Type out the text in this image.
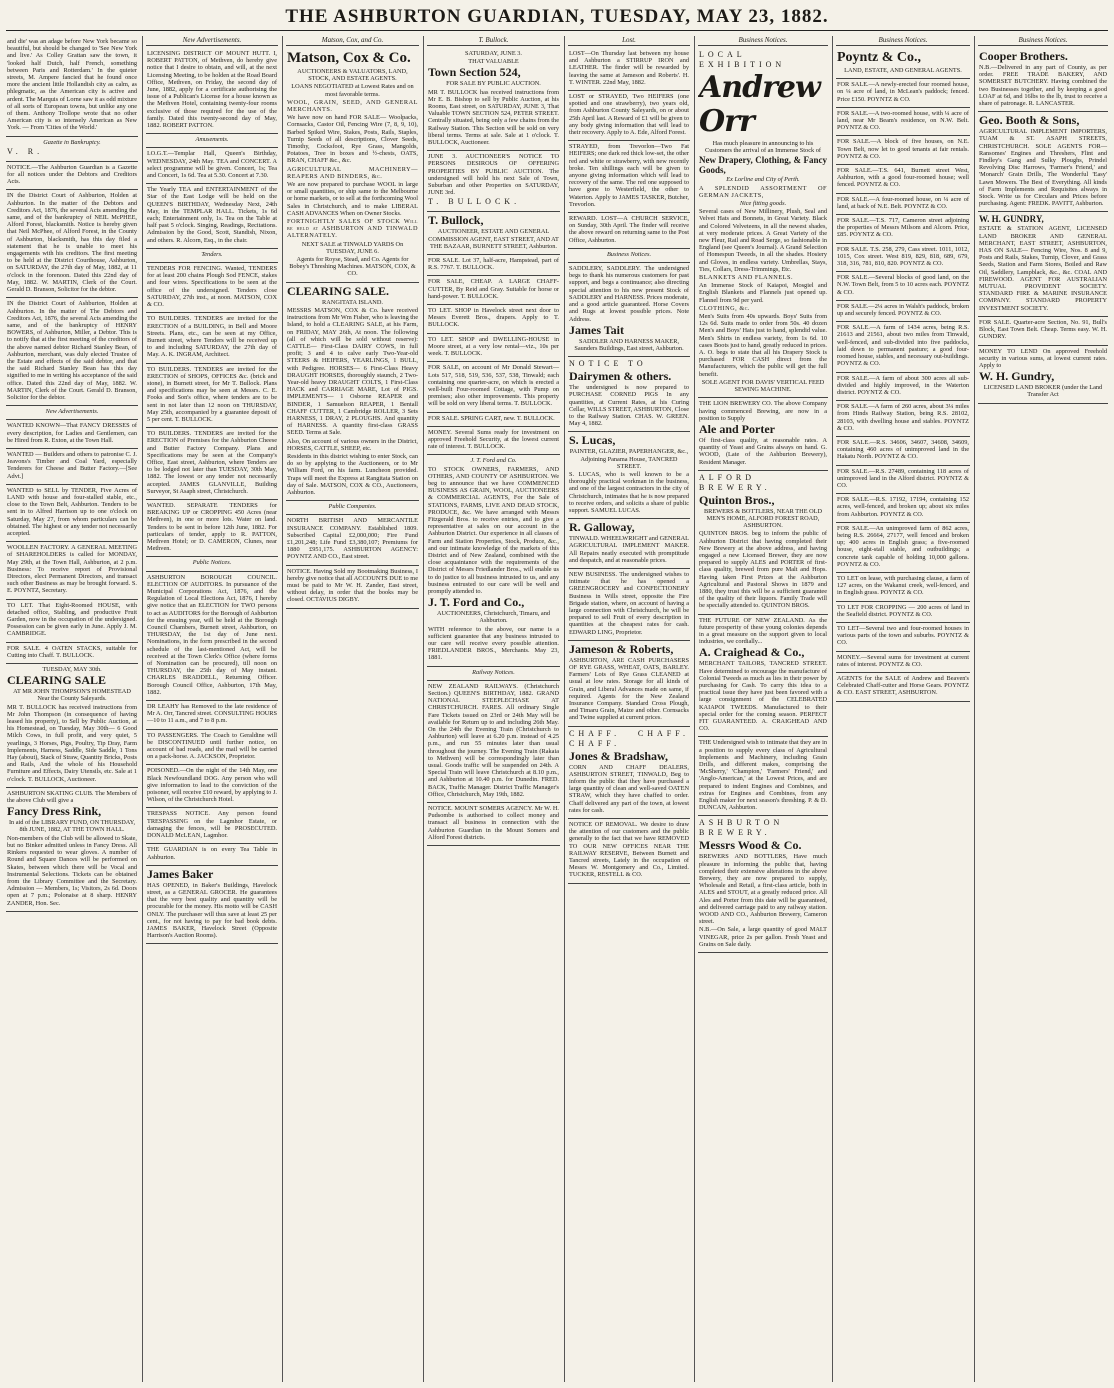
THE ASHBURTON GUARDIAN, TUESDAY, MAY 23, 1882.

and die' was an adage before New York became so beautiful, but should be changed to 'See New York and live.' As Colley Grattan saw the town, it 'looked half Dutch, half French, something between Paris and Rotterdam.' In the quieter streets, M. Ampere fancied that he found once more the ancient little Hollandish city as calm, as phlegmatic, as the American city is active and ardent. The Marquis of Lorne saw it as odd mixture of all sorts of European towns, but unlike any one of them. Anthony Trollope wrote that no other American city is so intensely American as New York. — From 'Cities of the World.'

Gazette in Bankruptcy.

V. R.

NOTICE.—The Ashburton Guardian is a Gazette for all notices under the Debtors and Creditors Acts.

IN the District Court of Ashburton, Holden at Ashburton. In the matter of the Debtors and Creditors Act, 1876, the several Acts amending the same, and of the bankruptcy of NEIL McPHEE, Alford Forest, blacksmith. Notice is hereby given that Neil McPhee, of Alford Forest, in the County of Ashburton, blacksmith, has this day filed a statement that he is unable to meet his engagements with his creditors. The first meeting to be held at the District Courthouse, Ashburton, on SATURDAY, the 27th day of May, 1882, at 11 o'clock in the forenoon. Dated this 22nd day of May, 1882. W. MARTIN, Clerk of the Court. Gerald D. Branson, Solicitor for the debtor.

IN the District Court of Ashburton, Holden at Ashburton. In the matter of The Debtors and Creditors Act, 1876, the several Acts amending the same, and of the bankruptcy of HENRY BOWERS, of Ashburton, Miller, a Debtor. This is to notify that at the first meeting of the creditors of the above named debtor Richard Stanley Bean, of Ashburton, merchant, was duly elected Trustee of the Estate and effects of the said debtor, and that the said Richard Stanley Bean has this day signified to me in writing his acceptance of the said office. Dated this 22nd day of May, 1882. W. MARTIN, Clerk of the Court. Gerald D. Branson, Solicitor for the debtor.

New Advertisements.

WANTED KNOWN—That FANCY DRESSES of every description, for Ladies and Gentlemen, can be Hired from R. Exton, at the Town Hall.

WANTED — Builders and others to patronise C. J. Jeavons's Timber and Coal Yard, especially Tenderers for Cheese and Butter Factory.—[See Advt.]

WANTED to SELL by TENDER, Five Acres of LAND with house and four-stalled stable, etc., close to the Town Belt, Ashburton. Tenders to be sent in to Alfred Harrison up to one o'clock on Saturday, May 27, from whom particulars can be obtained. The highest or any tender not necessarily accepted.

WOOLLEN FACTORY. A GENERAL MEETING of SHAREHOLDERS is called for MONDAY, May 29th, at the Town Hall, Ashburton, at 2 p.m. Business: To receive report of Provisional Directors, elect Permanent Directors, and transact such other Business as may be brought forward. S. E. POYNTZ, Secretary.

TO LET. That Eight-Roomed HOUSE, with detached office, Stabling, and productive Fruit Garden, now in the occupation of the undersigned. Possession can be given early in June. Apply J. M. CAMBRIDGE.

FOR SALE. 4 OATEN STACKS, suitable for Cutting into Chaff. T. BULLOCK.

TUESDAY, MAY 30th.

CLEARING SALE

AT MR JOHN THOMPSON'S HOMESTEAD Near the County Saleyards.

MR T. BULLOCK has received instructions from Mr John Thompson (in consequence of having leased his property), to Sell by Public Auction, at his Homestead, on Tuesday, May 30th— 6 Good Milch Cows, in full profit, and very quiet, 5 yearlings, 3 Horses, Pigs, Poultry, Tip Dray, Farm Implements, Harness, Saddle, Side Saddle, 1 Tons Hay (about), Stack of Straw, Quantity Bricks, Posts and Rails, And the whole of his Household Furniture and Effects, Dairy Utensils, etc. Sale at 1 o'clock. T. BULLOCK, Auctioneer.

ASHBURTON SKATING CLUB. The Members of the above Club will give a

Fancy Dress Rink,

In aid of the LIBRARY FUND, ON THURSDAY, 8th JUNE, 1882, AT THE TOWN HALL.

Non-members of the Club will be allowed to Skate, but no Binker admitted unless in Fancy Dress. All Rinkers requested to wear gloves. A number of Round and Square Dances will be performed on Skates, between which there will be Vocal and Instrumental Selections. Tickets can be obtained from the Library Committee and the Secretary. Admission — Members, 1s; Visitors, 2s 6d. Doors open at 7 p.m.; Polonaise at 8 sharp. HENRY ZANDER, Hon. Sec.

New Advertisements.

LICENSING DISTRICT OF MOUNT HUTT. I, ROBERT PATTON, of Methven, do hereby give notice that I desire to obtain, and will, at the next Licensing Meeting, to be holden at the Road Board Office, Methven, on Friday, the second day of June, 1882, apply for a certificate authorising the issue of a Publican's License for a house known as the Methven Hotel, containing twenty-four rooms exclusive of those required for the use of the family. Dated this twenty-second day of May, 1882. ROBERT PATTON.

Amusements.

I.O.G.T.—Templar Hall, Queen's Birthday, WEDNESDAY, 24th May. TEA and CONCERT. A select programme will be given. Concert, 1s; Tea and Concert, 1s 6d. Tea at 5.30. Concert at 7.30.

The Yearly TEA and ENTERTAINMENT of the Star of the East Lodge will be held on the QUEEN'S BIRTHDAY, Wednesday Next, 24th May, in the TEMPLAR HALL. Tickets, 1s 6d each; Entertainment only, 1s. Tea on the Table at half past 5 o'clock. Singing, Readings, Recitations. Admission by the Good, Scott, Standish, Nixon, and others. R. Alcorn, Esq., in the chair.

Tenders.

TENDERS FOR FENCING. Wanted, TENDERS for at least 200 chains Plough Sod FENCE, stakes and four wires. Specifications to be seen at the office of the undersigned. Tenders close SATURDAY, 27th inst., at noon. MATSON, COX & CO.

TO BUILDERS. TENDERS are invited for the ERECTION of a BUILDING, in Bell and Moore Streets. Plans, etc., can be seen at my Office, Burnett street, where Tenders will be received up to and including SATURDAY, the 27th day of May. A. K. INGRAM, Architect.

TO BUILDERS. TENDERS are invited for the ERECTION of SHOPS, OFFICES &c. (brick and stone), in Burnett street, for Mr T. Bullock. Plans and specifications may be seen at Messrs. C. E. Fooks and Son's office, where tenders are to be sent in not later than 12 noon on THURSDAY, May 25th, accompanied by a guarantee deposit of 5 per cent. T. BULLOCK.

TO BUILDERS. TENDERS are invited for the ERECTION of Premises for the Ashburton Cheese and Butter Factory Company. Plans and Specifications may be seen at the Company's Office, East street, Ashburton, where Tenders are to be lodged not later than TUESDAY, 30th May, 1882. The lowest or any tender not necessarily accepted. JAMES GLANVILLE, Building Surveyor, St Asaph street, Christchurch.

WANTED. SEPARATE TENDERS for BREAKING UP or CROPPING 450 Acres (near Methven), in one or more lots. Water on land. Tenders to be sent in before 12th June, 1882. For particulars of tender, apply to R. PATTON, Methven Hotel; or D. CAMERON, Clunes, near Methven.

Public Notices.

ASHBURTON BOROUGH COUNCIL. ELECTION OF AUDITORS. In pursuance of the Municipal Corporations Act, 1876, and the Regulation of Local Elections Act, 1876, I hereby give notice that an ELECTION for TWO persons to act as AUDITORS for the Borough of Ashburton for the ensuing year, will be held at the Borough Council Chambers, Burnett street, Ashburton, on THURSDAY, the 1st day of June next. Nominations, in the form prescribed in the second schedule of the last-mentioned Act, will be received at the Town Clerk's Office (where forms of Nomination can be procured), till noon on THURSDAY, the 25th day of May instant. CHARLES BRADDELL, Returning Officer. Borough Council Office, Ashburton, 17th May, 1882.

DR LEAHY has Removed to the late residence of Mr A. Orr, Tancred street. CONSULTING HOURS—10 to 11 a.m., and 7 to 8 p.m.

TO PASSENGERS. The Coach to Geraldine will be DISCONTINUED until further notice, on account of bad roads, and the mail will be carried on a pack-horse. A. JACKSON, Proprietor.

POISONED.—On the night of the 14th May, one Black Newfoundland DOG. Any person who will give information to lead to the conviction of the poisoner, will receive £10 reward, by applying to J. Wilson, of the Christchurch Hotel.

TRESPASS NOTICE. Any person found TRESPASSING on the Lagmhor Estate, or damaging the fences, will be PROSECUTED. DONALD McLEAN, Lagmhor.

THE GUARDIAN is on every Tea Table in Ashburton.

James Baker

HAS OPENED, in Baker's Buildings, Havelock street, as a GENERAL GROCER. He guarantees that the very best quality and quantity will be procurable for the money. His motto will be CASH ONLY. The purchaser will thus save at least 25 per cent., for not having to pay for bad book debts. JAMES BAKER, Havelock Street (Opposite Harrison's Auction Rooms).

Matson, Cox, and Co.

Matson, Cox & Co.

AUCTIONEERS & VALUATORS, LAND, STOCK, AND ESTATE AGENTS.

LOANS NEGOTIATED at Lowest Rates and on most favorable terms.

WOOL, GRAIN, SEED, AND GENERAL MERCHANTS.

We have now on hand FOR SALE— Woolpacks, Cornsacks, Castor Oil, Fencing Wire (7, 8, 9, 10), Barbed Spiked Wire, Stakes, Posts, Rails, Staples, Turnip Seeds of all descriptions, Clover Seeds, Timothy, Cocksfoot, Rye Grass, Mangolds, Potatoes, Tree in boxes and ½-chests, OATS, BRAN, CHAFF &c., &c.

AGRICULTURAL MACHINERY— REAPERS AND BINDERS, &c.

We are now prepared to purchase WOOL in large or small quantities, or ship same to the Melbourne or home markets, or to sell at the forthcoming Wool Sales in Christchurch, and to make LIBERAL CASH ADVANCES When on Owner Stocks.

FORTNIGHTLY SALES OF STOCK Will be held at ASHBURTON AND TINWALD ALTERNATELY.

NEXT SALE at TINWALD YARDS On TUESDAY, JUNE 6.

Agents for Royse, Stead, and Co. Agents for Bobey's Threshing Machines. MATSON, COX, & CO.

CLEARING SALE.

RANGITATA ISLAND.

MESSRS MATSON, COX & Co. have received instructions from Mr Wm Fisher, who is leaving the Island, to hold a CLEARING SALE, at his Farm, on FRIDAY, MAY 26th, At noon. The following (all of which will be sold without reserve): CATTLE— First-Class DAIRY COWS, in full profit; 3 and 4 to calve early Two-Year-old STEERS & HEIFERS, YEARLINGS, 1 BULL, with Pedigree. HORSES— 6 First-Class Heavy DRAUGHT HORSES, thoroughly staunch, 2 Two-Year-old heavy DRAUGHT COLTS, 1 First-Class HACK and CARRIAGE MARE, Lot of PIGS. IMPLEMENTS— 1 Osborne REAPER and BINDER, 1 Samuelson REAPER, 1 Bentall CHAFF CUTTER, 1 Cambridge ROLLER, 3 Sets HARNESS, 1 DRAY, 2 PLOUGHS. And quantity of HARNESS. A quantity first-class GRASS SEED. Terms at Sale.

Also, On account of various owners in the District, HORSES, CATTLE, SHEEP, etc.

Residents in this district wishing to enter Stock, can do so by applying to the Auctioneers, or to Mr William Ford, on his farm. Luncheon provided. Traps will meet the Express at Rangitata Station on day of Sale. MATSON, COX & CO., Auctioneers, Ashburton.

Public Companies.

NORTH BRITISH AND MERCANTILE INSURANCE COMPANY. Established 1809. Subscribed Capital £2,000,000; Fire Fund £1,201,248; Life Fund £3,380,107; Premiums for 1880 £951,175. ASHBURTON AGENCY: POYNTZ AND CO., East street.

NOTICE. Having Sold my Bootmaking Business, I hereby give notice that all ACCOUNTS DUE to me must be paid to Mr W. H. Zander, East street, without delay, in order that the books may be closed. OCTAVIUS DIGBY.

T. Bullock.

SATURDAY, JUNE 3.

THAT VALUABLE

Town Section 524,

FOR SALE BY PUBLIC AUCTION.

MR T. BULLOCK has received instructions from Mr E. B. Bishop to sell by Public Auction, at his Rooms, East street, on SATURDAY, JUNE 3, That Valuable TOWN SECTION 524, PETER STREET. Centrally situated, being only a few chains from the Railway Station. This Section will be sold on very liberal terms. Terms at sale. Sale at 1 o'clock. T. BULLOCK, Auctioneer.

JUNE 3. AUCTIONEER'S NOTICE TO PERSONS DESIROUS OF OFFERING PROPERTIES BY PUBLIC AUCTION. The undersigned will hold his next Sale of Town, Suburban and other Properties on SATURDAY, JUNE 3rd.

T. BULLOCK.

T. Bullock,

AUCTIONEER, ESTATE AND GENERAL COMMISSION AGENT, EAST STREET, AND AT THE BAZAAR, BURNETT STREET, Ashburton.

FOR SALE. Lot 37, half-acre, Hampstead, part of R.S. 7767. T. BULLOCK.

FOR SALE, CHEAP. A LARGE CHAFF-CUTTER, By Reid and Gray. Suitable for horse or hand-power. T. BULLOCK.

TO LET. SHOP in Havelock street next door to Messrs Everett Bros., drapers. Apply to T. BULLOCK.

TO LET. SHOP and DWELLING-HOUSE in Moore street, at a very low rental—viz., 10s per week. T. BULLOCK.

FOR SALE, on account of Mr Donald Stewart—Lots 517, 518, 519, 536, 537, 538, Tinwald; each containing one quarter-acre, on which is erected a well-built Four-roomed Cottage, with Pump on premises; also other improvements. This property will be sold on very liberal terms. T. BULLOCK.

FOR SALE. SPRING CART, new. T. BULLOCK.

MONEY. Several Sums ready for investment on approved Freehold Security, at the lowest current rate of interest. T. BULLOCK.

J. T. Ford and Co.

TO STOCK OWNERS, FARMERS, AND OTHERS, AND COUNTY OF ASHBURTON. We beg to announce that we have COMMENCED BUSINESS AS GRAIN, WOOL, AUCTIONEERS & COMMERCIAL AGENTS, For the Sale of STATIONS, FARMS, LIVE AND DEAD STOCK, PRODUCE, &c. We have arranged with Messrs Fitzgerald Bros. to receive entries, and to give a representative at sales on our account in the Ashburton District. Our experience in all classes of Farm and Station Properties, Stock, Produce, &c., and our intimate knowledge of the markets of this District and of New Zealand, combined with the close acquaintance with the requirements of the District of Messrs Friedlander Bros., will enable us to do justice to all business intrusted to us, and any business entrusted to our care will be well and promptly attended to.

J. T. Ford and Co.,

AUCTIONEERS, Christchurch, Timaru, and Ashburton.

WITH reference to the above, our name is a sufficient guarantee that any business intrusted to our care will receive every possible attention. FRIEDLANDER BROS., Merchants. May 23, 1881.

Railway Notices.

NEW ZEALAND RAILWAYS. (Christchurch Section.) QUEEN'S BIRTHDAY, 1882. GRAND NATIONAL STEEPLECHASE AT CHRISTCHURCH. FARES. All ordinary Single Fare Tickets issued on 23rd or 24th May will be available for Return up to and including 26th May. On the 24th the Evening Train (Christchurch to Ashburton) will leave at 6.20 p.m. instead of 4.25 p.m., and run 55 minutes later than usual throughout the journey. The Evening Train (Rakaia to Methven) will be correspondingly later than usual. Goods traffic will be suspended on 24th. A Special Train will leave Christchurch at 8.10 p.m., and Ashburton at 10.40 p.m. for Dunedin. FRED. BACK, Traffic Manager. District Traffic Manager's Office, Christchurch, May 19th, 1882.

NOTICE. MOUNT SOMERS AGENCY. Mr W. H. Pudsombe is authorised to collect money and transact all business in connection with the Ashburton Guardian in the Mount Somers and Alford Forest districts.

Lost.

LOST—On Thursday last between my house and Ashburton a STIRRUP IRON and LEATHER. The finder will be rewarded by leaving the same at Jameson and Roberts'. H. T. WINTER. 22nd May, 1882.

LOST or STRAYED, Two HEIFERS (one spotted and one strawberry), two years old, from Ashburton County Saleyards, on or about 25th April last. A Reward of £1 will be given to any body giving information that will lead to their recovery. Apply to A. Ede, Alford Forest.

STRAYED, from Trevorlon—Two Fat HEIFERS; one dark red thick low-set, the other red and white or strawberry, with new recently broke. Ten shillings each will be given to anyone giving information which will lead to recovery of the same. The red one supposed to have gone to Westerfield, the other to Waterton. Apply to JAMES TASKER, Butcher, Trevorlon.

REWARD. LOST—A CHURCH SERVICE, on Sunday, 30th April. The finder will receive the above reward on returning same to the Post Office, Ashburton.

Business Notices.

SADDLERY, SADDLERY. The undersigned begs to thank his numerous customers for past support, and begs a continuance; also directing special attention to his new present Stock of SADDLERY and HARNESS. Prices moderate, and a good article guaranteed. Horse Covers and Rugs at lowest possible prices. Note Address.

James Tait

SADDLER AND HARNESS MAKER, Saunders Buildings, East street, Ashburton.

NOTICE TO

Dairymen & others.

The undersigned is now prepared to PURCHASE CORNED PIGS In any quantities, at Current Rates, at his Curing Cellar, WILLS STREET, ASHBURTON, Close to the Railway Station. CHAS. W. GREEN. May 4, 1882.

S. Lucas,

PAINTER, GLAZIER, PAPERHANGER, &c., Adjoining Panama House, TANCRED STREET.

S. LUCAS, who is well known to be a thoroughly practical workman in the business, and one of the largest contractors in the city of Christchurch, intimates that he is now prepared to receive orders, and solicits a share of public support. SAMUEL LUCAS.

R. Galloway,

TINWALD. WHEELWRIGHT and GENERAL AGRICULTURAL IMPLEMENT MAKER. All Repairs neatly executed with promptitude and despatch, and at reasonable prices.

NEW BUSINESS. The undersigned wishes to intimate that he has opened a GREENGROCERY and CONFECTIONERY Business in Wills street, opposite the Fire Brigade station, where, on account of having a large connection with Christchurch, he will be prepared to sell Fruit of every description in quantities at the cheapest rates for cash. EDWARD LING, Proprietor.

Jameson & Roberts,

ASHBURTON, ARE CASH PURCHASERS OF RYE GRASS, WHEAT, OATS, BARLEY. Farmers' Lots of Rye Grass CLEANED at usual at low rates. Storage for all kinds of Grain, and Liberal Advances made on same, if required. Agents for the New Zealand Insurance Company. Standard Cross Plough, and Timaru Grain, Maize and other. Cornsacks and Twine supplied at current prices.

CHAFF. CHAFF. CHAFF.

Jones & Bradshaw,

CORN AND CHAFF DEALERS, ASHBURTON STREET, TINWALD, Beg to inform the public that they have purchased a large quantity of clean and well-saved OATEN STRAW, which they have chaffed to order. Chaff delivered any part of the town, at lowest rates for cash.

NOTICE OF REMOVAL. We desire to draw the attention of our customers and the public generally to the fact that we have REMOVED TO OUR NEW OFFICES NEAR THE RAILWAY RESERVE, Between Burnett and Tancred streets, Lately in the occupation of Messrs W. Montgomery and Co., Limited. TUCKER, RESTELL & CO.

Business Notices.

LOCAL EXHIBITION

Andrew Orr

Has much pleasure in announcing to his Customers the arrival of an Immense Stock of

New Drapery, Clothing, & Fancy Goods,

Ex Lorline and City of Perth.

A SPLENDID ASSORTMENT OF GERMAN JACKETS,

Nice fitting goods.

Several cases of New Millinery, Plush, Seal and Velvet Hats and Bonnets, in Great Variety. Black and Colored Velveteens, in all the newest shades, at very moderate prices. A Great Variety of the new Fleur, Rail and Road Serge, so fashionable in England (see Queen's Journal). A Grand Selection of Homespun Tweeds, in all the shades. Hosiery and Gloves, in endless variety. Umbrellas, Stays, Ties, Collars, Dress-Trimmings, Etc.

BLANKETS AND FLANNELS.

An Immense Stock of Kaiapoi, Mosgiel and English Blankets and Flannels just opened up. Flannel from 9d per yard.

CLOTHING, &c.

Men's Suits from 40s upwards. Boys' Suits from 12s 6d. Suits made to order from 50s. 40 dozen Men's and Boys' Hats just to hand, splendid value. Men's Shirts in endless variety, from 1s 6d. 10 cases Boots just to hand, greatly reduced in prices. A. O. begs to state that all his Drapery Stock is purchased FOR CASH direct from the Manufacturers, which the public will get the full benefit.

SOLE AGENT FOR DAVIS' VERTICAL FEED SEWING MACHINE.

THE LION BREWERY CO. The above Company having commenced Brewing, are now in a position to Supply

Ale and Porter

Of first-class quality, at reasonable rates. A quantity of Yeast and Grains always on hand. G. WOOD, (Late of the Ashburton Brewery), Resident Manager.

ALFORD BREWERY.

Quinton Bros.,

BREWERS & BOTTLERS, NEAR THE OLD MEN'S HOME, ALFORD FOREST ROAD, ASHBURTON.

QUINTON BROS. beg to inform the public of Ashburton District that having completed their New Brewery at the above address, and having engaged a new Licensed Brewer, they are now prepared to supply ALES and PORTER of first-class quality, brewed from pure Malt and Hops. Having taken First Prizes at the Ashburton Agricultural and Pastoral Shows in 1879 and 1880, they trust this will be a sufficient guarantee of the quality of their liquors. Family Trade will be specially attended to. QUINTON BROS.

THE FUTURE OF NEW ZEALAND. As the future prosperity of these young colonies depends in a great measure on the support given to local industries, we cordially...

A. Craighead & Co.,

MERCHANT TAILORS, TANCRED STREET. Have determined to encourage the manufacture of Colonial Tweeds as much as lies in their power by purchasing for Cash. To carry this idea to a practical issue they have just been favored with a large consignment of the CELEBRATED KAIAPOI TWEEDS. Manufactured to their special order for the coming season. PERFECT FIT GUARANTEED. A. CRAIGHEAD AND CO.

THE Undersigned wish to intimate that they are in a position to supply every class of Agricultural Implements and Machinery, including Grain Drills, and different makes, comprising the 'McSherry,' 'Champion,' 'Farmers' Friend,' and 'Anglo-American,' at the Lowest Prices, and are prepared to indent Engines and Combines, and extras for Engines and Combines, from any English maker for next season's threshing. P. & D. DUNCAN, Ashburton.

ASHBURTON BREWERY.

Messrs Wood & Co.

BREWERS AND BOTTLERS, Have much pleasure in informing the public that, having completed their extensive alterations in the above Brewery, they are now prepared to supply, Wholesale and Retail, a first-class article, both in ALES and STOUT, at a greatly reduced price. All Ales and Porter from this date will be guaranteed, and delivered carriage paid to any railway station. WOOD AND CO., Ashburton Brewery, Cameron street.

N.B.—On Sale, a large quantity of good MALT VINEGAR, price 2s per gallon. Fresh Yeast and Grains on Sale daily.

Business Notices.

Poyntz & Co.,

LAND, ESTATE, AND GENERAL AGENTS.

FOR SALE.—A newly-erected four roomed house, on ¼ acre of land, in McLean's paddock; fenced. Price £150. POYNTZ & CO.

FOR SALE.—A two-roomed house, with ¼ acre of land, near Mr Beam's residence, on N.W. Belt. POYNTZ & CO.

FOR SALE.—A block of five houses, on N.E. Town Belt, now let to good tenants at fair rentals. POYNTZ & CO.

FOR SALE.—T.S. 641, Burnett street West, Ashburton, with a good four-roomed house; well fenced. POYNTZ & CO.

FOR SALE.—A four-roomed house, on ¼ acre of land, at back of N.E. Belt. POYNTZ & CO.

FOR SALE.—T.S. 717, Cameron street adjoining the properties of Messrs Milsom and Alcorn. Price, £85. POYNTZ & CO.

FOR SALE. T.S. 258, 279, Cass street. 1011, 1012, 1015, Cox street. West 819, 829, 818, 689, 679, 318, 316, 781, 810, 820. POYNTZ & CO.

FOR SALE.—Several blocks of good land, on the N.W. Town Belt, from 5 to 10 acres each. POYNTZ & CO.

FOR SALE.—2¼ acres in Walsh's paddock, broken up and securely fenced. POYNTZ & CO.

FOR SALE.—A farm of 1434 acres, being R.S. 21613 and 21561, about two miles from Tinwald, well-fenced, and sub-divided into five paddocks, laid down to permanent pasture; a good four-roomed house, stables, and necessary out-buildings. POYNTZ & CO.

FOR SALE.—A farm of about 300 acres all sub-divided and highly improved, in the Waterton district. POYNTZ & CO.

FOR SALE.—A farm of 260 acres, about 3¼ miles from Hinds Railway Station, being R.S. 28102, 28103, with dwelling house and stables. POYNTZ & CO.

FOR SALE.—R.S. 34606, 34607, 34608, 34609, containing 460 acres of unimproved land in the Hakatu North. POYNTZ & CO.

FOR SALE.—R.S. 27489, containing 118 acres of unimproved land in the Alford district. POYNTZ & CO.

FOR SALE.—R.S. 17192, 17194, containing 152 acres, well-fenced, and broken up; about six miles from Ashburton. POYNTZ & CO.

FOR SALE.—An unimproved farm of 862 acres, being R.S. 26664, 27177, well fenced and broken up; 400 acres in English grass; a five-roomed house, eight-stall stable, and outbuildings; a concrete tank capable of holding 10,000 gallons. POYNTZ & CO.

TO LET on lease, with purchasing clause, a farm of 127 acres, on the Wakanui creek, well-fenced, and in English grass. POYNTZ & CO.

TO LET FOR CROPPING — 200 acres of land in the Seafield district. POYNTZ & CO.

TO LET—Several two and four-roomed houses in various parts of the town and suburbs. POYNTZ & CO.

MONEY.—Several sums for investment at current rates of interest. POYNTZ & CO.

AGENTS for the SALE of Andrew and Beaven's Celebrated Chaff-cutter and Horse Gears. POYNTZ & CO. EAST STREET, ASHBURTON.

Business Notices.

Cooper Brothers.

N.B.—Delivered in any part of County, as per order. FREE TRADE BAKERY, AND SOMERSET BUTCHERY. Having combined the two Businesses together, and by keeping a good LOAF at 6d, and 16lbs to the lb, trust to receive a share of patronage. R. LANCASTER.

Geo. Booth & Sons,

AGRICULTURAL IMPLEMENT IMPORTERS, TUAM & ST. ASAPH STREETS, CHRISTCHURCH. SOLE AGENTS FOR— Ransomes' Engines and Threshers, Flint and Findley's Gang and Sulky Ploughs, Prindel Revolving Disc Harrows, 'Farmer's Friend,' and 'Monarch' Grain Drills, The Wonderful 'Easy' Lawn Mowers. The Best of Everything. All kinds of Farm Implements and Requisites always in Stock. Write us for Circulars and Prices before purchasing. Agent: FREDK. PAVITT, Ashburton.

W. H. GUNDRY,

ESTATE & STATION AGENT, LICENSED LAND BROKER AND GENERAL MERCHANT, EAST STREET, ASHBURTON, HAS ON SALE— Fencing Wire, Nos. 8 and 9, Posts and Rails, Stakes, Turnip, Clover, and Grass Seeds, Station and Farm Stores, Boiled and Raw Oil, Saddlery, Lampblack, &c., &c. COAL AND FIREWOOD. AGENT FOR AUSTRALIAN MUTUAL PROVIDENT SOCIETY. STANDARD FIRE & MARINE INSURANCE COMPANY. STANDARD PROPERTY INVESTMENT SOCIETY.

FOR SALE. Quarter-acre Section, No. 91, Bull's Block, East Town Belt. Cheap. Terms easy. W. H. GUNDRY.

MONEY TO LEND On approved Freehold security in various sums, at lowest current rates. Apply to

W. H. Gundry,

LICENSED LAND BROKER (under the Land Transfer Act
